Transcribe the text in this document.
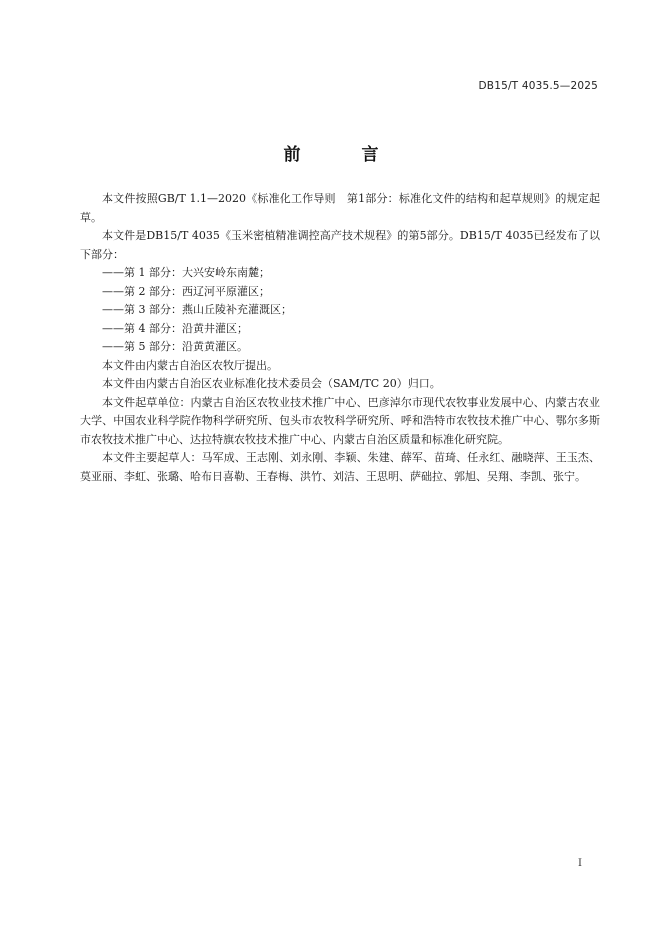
DB15/T 4035.5—2025
前　言

本文件按照GB/T 1.1—2020《标准化工作导则　第1部分：标准化文件的结构和起草规则》的规定起草。

本文件是DB15/T 4035《玉米密植精准调控高产技术规程》的第5部分。DB15/T 4035已经发布了以下部分：

——第 1 部分：大兴安岭东南麓；

——第 2 部分：西辽河平原灌区；

——第 3 部分：燕山丘陵补充灌溉区；

——第 4 部分：沿黄井灌区；

——第 5 部分：沿黄黄灌区。

本文件由内蒙古自治区农牧厅提出。

本文件由内蒙古自治区农业标准化技术委员会（SAM/TC 20）归口。

本文件起草单位：内蒙古自治区农牧业技术推广中心、巴彦淖尔市现代农牧事业发展中心、内蒙古农业大学、中国农业科学院作物科学研究所、包头市农牧科学研究所、呼和浩特市农牧技术推广中心、鄂尔多斯市农牧技术推广中心、达拉特旗农牧技术推广中心、内蒙古自治区质量和标准化研究院。

本文件主要起草人：马军成、王志刚、刘永刚、李颖、朱建、薛军、苗琦、任永红、融晓萍、王玉杰、莫亚丽、李虹、张璐、哈布日喜勒、王春梅、洪竹、刘洁、王思明、萨础拉、郭旭、吴翔、李凯、张宁。

I
